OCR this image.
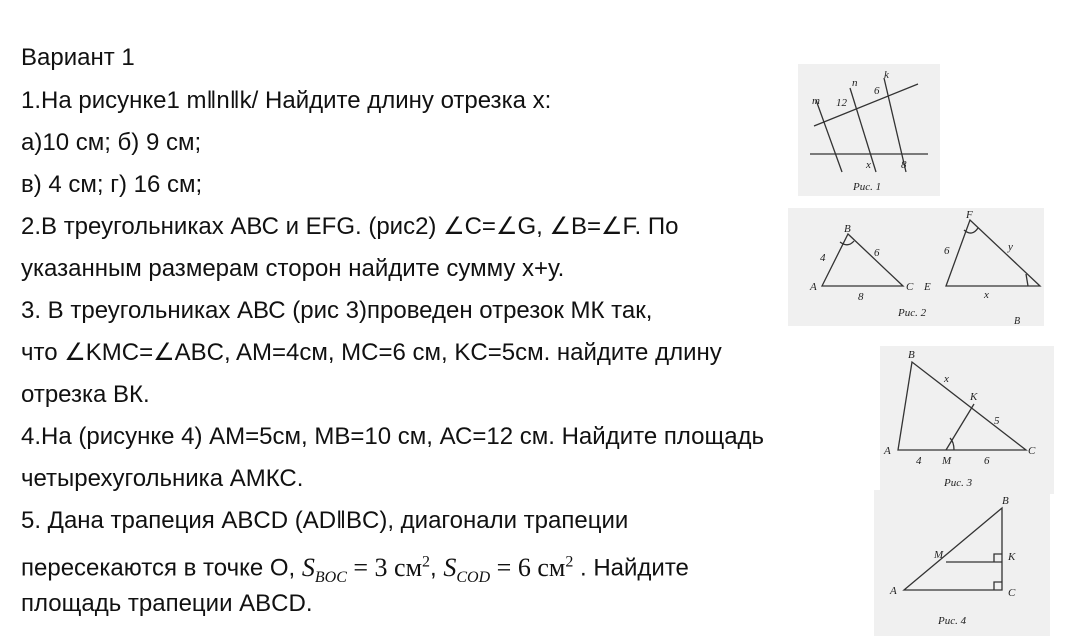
Вариант 1
1.На рисунке1 m‖n‖k/ Найдите длину отрезка х:
а)10 см; б) 9 см;
в) 4 см; г) 16 см;
2.В треугольниках АВС и EFG. (рис2) ∠C=∠G, ∠B=∠F. По
указанным размерам сторон найдите сумму х+у.
3. В треугольниках АВС (рис 3)проведен отрезок МК так,
что ∠KMC=∠ABC, AM=4см, MC=6 см, KC=5см. найдите длину
отрезка ВК.
4.На (рисунке 4) АМ=5см, МВ=10 см, АС=12 см. Найдите площадь
четырехугольника АМКС.
5. Дана трапеция ABCD (AD‖BC), диагонали трапеции
пересекаются в точке О, $S_{BOC} = 3$ $см^2$, $S_{COD} = 6$ $см^2$ . Найдите
площадь трапеции ABCD.
m
n
k
12
6
x	8
Рис. 1
B
A	C
4	6
8
F
E
6	y
x
Рис. 2
B
B
x
K
5
A
M
C
4	6
Рис. 3
B
M	K
A	C
Рис. 4
